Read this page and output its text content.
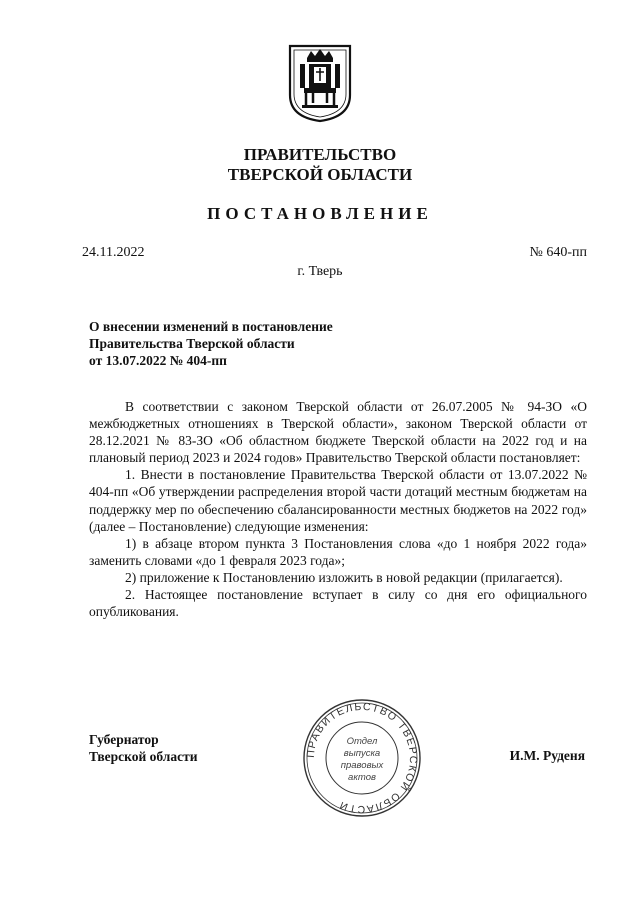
ПРАВИТЕЛЬСТВО
ТВЕРСКОЙ ОБЛАСТИ
ПОСТАНОВЛЕНИЕ
24.11.2022	№ 640-пп
г. Тверь
О внесении изменений в постановление
Правительства Тверской области
от 13.07.2022 № 404-пп

В соответствии с законом Тверской области от 26.07.2005 № 94-ЗО «О межбюджетных отношениях в Тверской области», законом Тверской области от 28.12.2021 № 83-ЗО «Об областном бюджете Тверской области на 2022 год и на плановый период 2023 и 2024 годов» Правительство Тверской области постановляет:

1. Внести в постановление Правительства Тверской области от 13.07.2022 № 404-пп «Об утверждении распределения второй части дотаций местным бюджетам на поддержку мер по обеспечению сбалансированности местных бюджетов на 2022 год» (далее – Постановление) следующие изменения:

1) в абзаце втором пункта 3 Постановления слова «до 1 ноября 2022 года» заменить словами «до 1 февраля 2023 года»;

2) приложение к Постановлению изложить в новой редакции (прилагается).

2. Настоящее постановление вступает в силу со дня его официального опубликования.

Губернатор
Тверской области	И.М. Руденя
ПРАВИТЕЛЬСТВО ТВЕРСКОЙ ОБЛАСТИ
Отдел
выпуска
правовых
актов
